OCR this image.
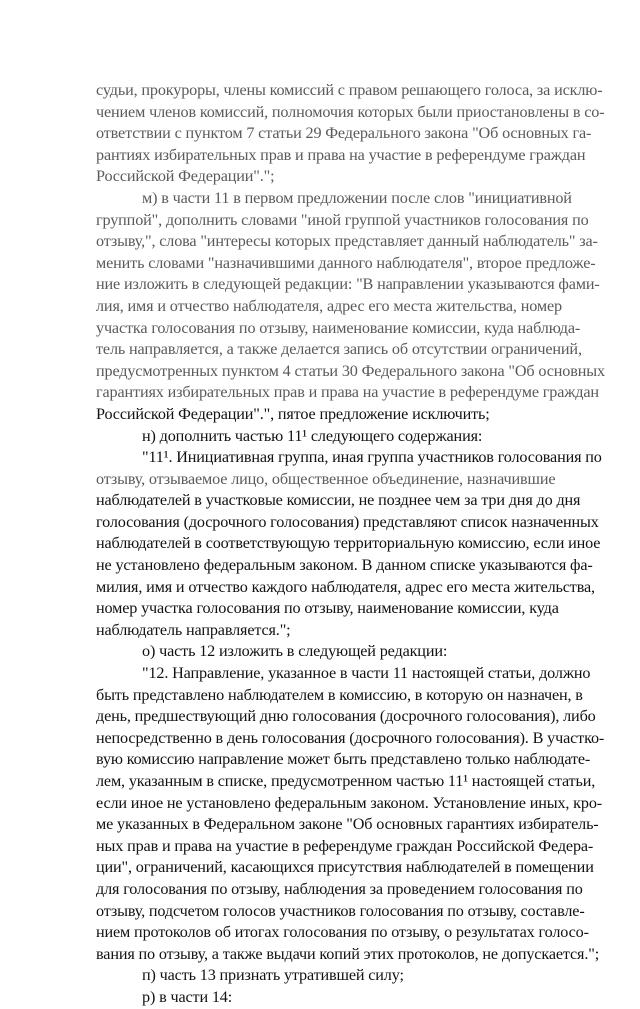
судьи, прокуроры, члены комиссий с правом решающего голоса, за исклю-
чением членов комиссий, полномочия которых были приостановлены в со-
ответствии с пунктом 7 статьи 29 Федерального закона "Об основных га-
рантиях избирательных прав и права на участие в референдуме граждан
Российской Федерации".";
м) в части 11 в первом предложении после слов "инициативной
группой", дополнить словами "иной группой участников голосования по
отзыву,", слова "интересы которых представляет данный наблюдатель" за-
менить словами "назначившими данного наблюдателя", второе предложе-
ние изложить в следующей редакции: "В направлении указываются фами-
лия, имя и отчество наблюдателя, адрес его места жительства, номер
участка голосования по отзыву, наименование комиссии, куда наблюда-
тель направляется, а также делается запись об отсутствии ограничений,
предусмотренных пунктом 4 статьи 30 Федерального закона "Об основных
гарантиях избирательных прав и права на участие в референдуме граждан
Российской Федерации".", пятое предложение исключить;
н) дополнить частью 11¹ следующего содержания:
"11¹. Инициативная группа, иная группа участников голосования по
отзыву, отзываемое лицо, общественное объединение, назначившие
наблюдателей в участковые комиссии, не позднее чем за три дня до дня
голосования (досрочного голосования) представляют список назначенных
наблюдателей в соответствующую территориальную комиссию, если иное
не установлено федеральным законом. В данном списке указываются фа-
милия, имя и отчество каждого наблюдателя, адрес его места жительства,
номер участка голосования по отзыву, наименование комиссии, куда
наблюдатель направляется.";
о) часть 12 изложить в следующей редакции:
"12. Направление, указанное в части 11 настоящей статьи, должно
быть представлено наблюдателем в комиссию, в которую он назначен, в
день, предшествующий дню голосования (досрочного голосования), либо
непосредственно в день голосования (досрочного голосования). В участко-
вую комиссию направление может быть представлено только наблюдате-
лем, указанным в списке, предусмотренном частью 11¹ настоящей статьи,
если иное не установлено федеральным законом. Установление иных, кро-
ме указанных в Федеральном законе "Об основных гарантиях избиратель-
ных прав и права на участие в референдуме граждан Российской Федера-
ции", ограничений, касающихся присутствия наблюдателей в помещении
для голосования по отзыву, наблюдения за проведением голосования по
отзыву, подсчетом голосов участников голосования по отзыву, составле-
нием протоколов об итогах голосования по отзыву, о результатах голосо-
вания по отзыву, а также выдачи копий этих протоколов, не допускается.";
п) часть 13 признать утратившей силу;
р) в части 14:
